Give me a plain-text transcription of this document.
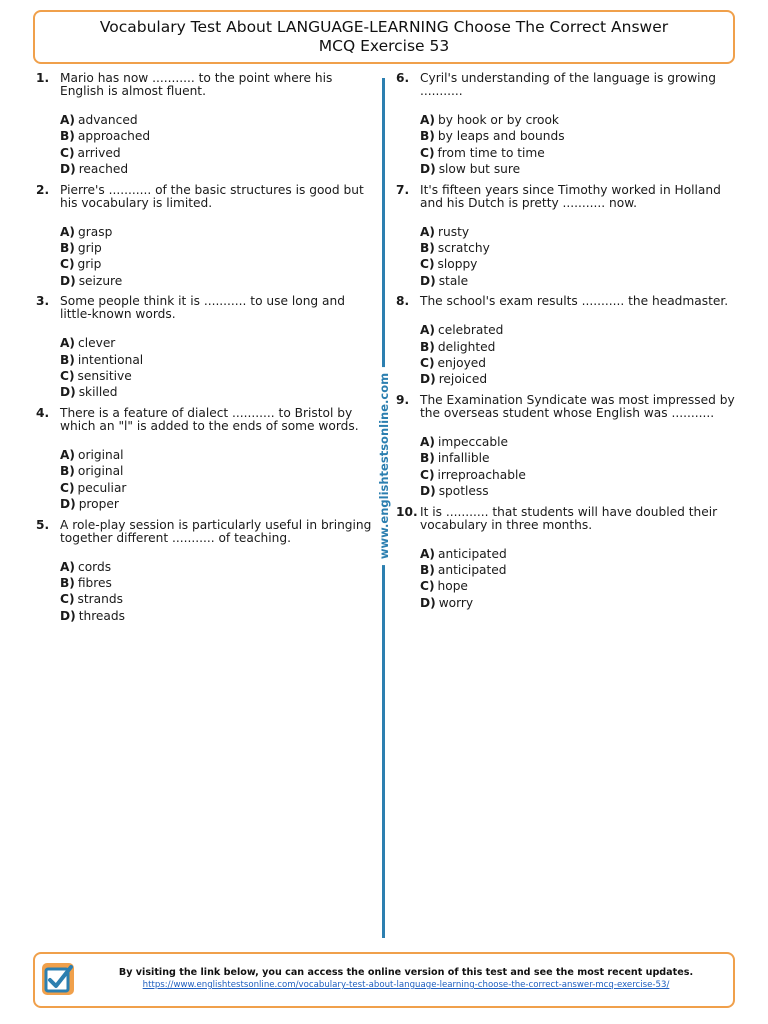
Vocabulary Test About LANGUAGE-LEARNING Choose The Correct Answer
MCQ Exercise 53
1. Mario has now ........... to the point where his English is almost fluent.
A) advanced
B) approached
C) arrived
D) reached
2. Pierre's ........... of the basic structures is good but his vocabulary is limited.
A) grasp
B) grip
C) grip
D) seizure
3. Some people think it is ........... to use long and little-known words.
A) clever
B) intentional
C) sensitive
D) skilled
4. There is a feature of dialect ........... to Bristol by which an "l" is added to the ends of some words.
A) original
B) original
C) peculiar
D) proper
5. A role-play session is particularly useful in bringing together different ........... of teaching.
A) cords
B) fibres
C) strands
D) threads
www.englishtestsonline.com
6. Cyril's understanding of the language is growing ...........
A) by hook or by crook
B) by leaps and bounds
C) from time to time
D) slow but sure
7. It's fifteen years since Timothy worked in Holland and his Dutch is pretty ........... now.
A) rusty
B) scratchy
C) sloppy
D) stale
8. The school's exam results ........... the headmaster.
A) celebrated
B) delighted
C) enjoyed
D) rejoiced
9. The Examination Syndicate was most impressed by the overseas student whose English was ...........
A) impeccable
B) infallible
C) irreproachable
D) spotless
10. It is ........... that students will have doubled their vocabulary in three months.
A) anticipated
B) anticipated
C) hope
D) worry
By visiting the link below, you can access the online version of this test and see the most recent updates.
https://www.englishtestsonline.com/vocabulary-test-about-language-learning-choose-the-correct-answer-mcq-exercise-53/
